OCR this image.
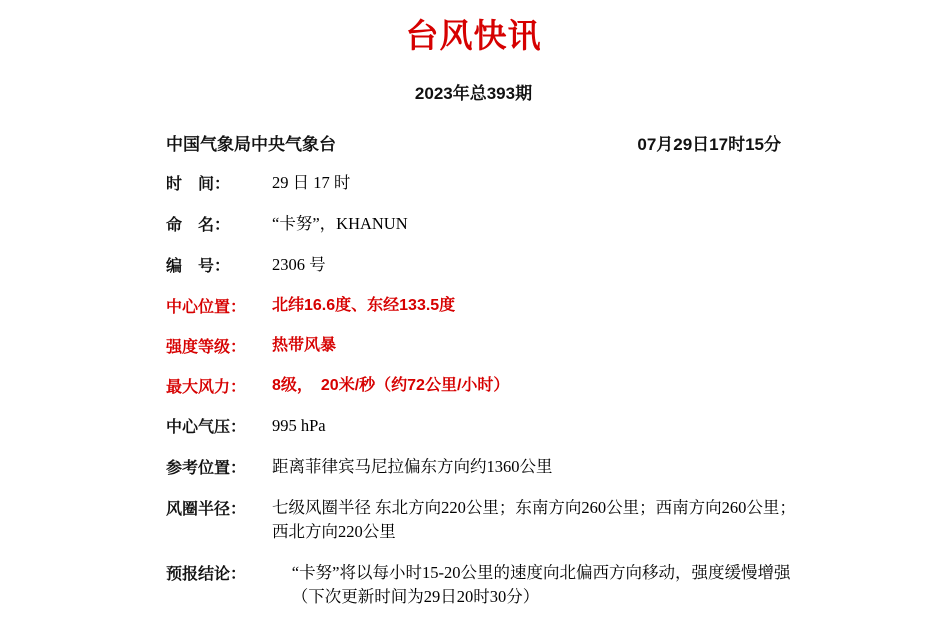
台风快讯
2023年总393期
中国气象局中央气象台	07月29日17时15分
时　间：	29 日 17 时
命　名：	“卡努”，KHANUN
编　号：	2306 号
中心位置：	北纬16.6度、东经133.5度
强度等级：	热带风暴
最大风力：	8级，　20米/秒（约72公里/小时）
中心气压：	995 hPa
参考位置：	距离菲律宾马尼拉偏东方向约1360公里
风圈半径：	七级风圈半径 东北方向220公里；东南方向260公里；西南方向260公里；西北方向220公里
预报结论：	“卡努”将以每小时15-20公里的速度向北偏西方向移动，强度缓慢增强
（下次更新时间为29日20时30分）
